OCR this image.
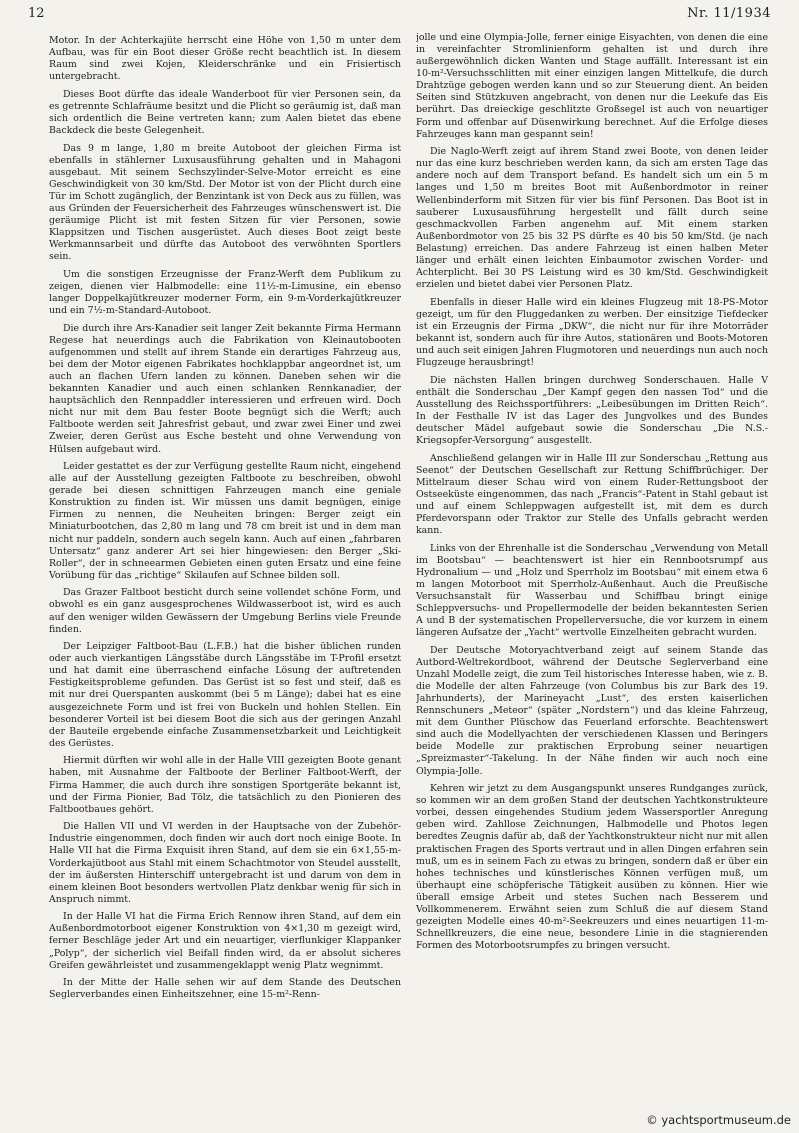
12	Nr. 11/1934

Motor. In der Achterkajüte herrscht eine Höhe von 1,50 m unter dem Aufbau, was für ein Boot dieser Größe recht beachtlich ist. In diesem Raum sind zwei Kojen, Kleiderschränke und ein Frisiertisch untergebracht.

Dieses Boot dürfte das ideale Wanderboot für vier Personen sein, da es getrennte Schlafräume besitzt und die Plicht so geräumig ist, daß man sich ordentlich die Beine vertreten kann; zum Aalen bietet das ebene Backdeck die beste Gelegenheit.

Das 9 m lange, 1,80 m breite Autoboot der gleichen Firma ist ebenfalls in stählerner Luxusausführung gehalten und in Mahagoni ausgebaut. Mit seinem Sechszylinder-Selve-Motor erreicht es eine Geschwindigkeit von 30 km/Std. Der Motor ist von der Plicht durch eine Tür im Schott zugänglich, der Benzintank ist von Deck aus zu füllen, was aus Gründen der Feuersicherheit des Fahrzeuges wünschenswert ist. Die geräumige Plicht ist mit festen Sitzen für vier Personen, sowie Klappsitzen und Tischen ausgerüstet. Auch dieses Boot zeigt beste Werkmannsarbeit und dürfte das Autoboot des verwöhnten Sportlers sein.

Um die sonstigen Erzeugnisse der Franz-Werft dem Publikum zu zeigen, dienen vier Halbmodelle: eine 11½-m-Limusine, ein ebenso langer Doppelkajütkreuzer moderner Form, ein 9-m-Vorderkajütkreuzer und ein 7½-m-Standard-Autoboot.

Die durch ihre Ars-Kanadier seit langer Zeit bekannte Firma Hermann Regese hat neuerdings auch die Fabrikation von Kleinautobooten aufgenommen und stellt auf ihrem Stande ein derartiges Fahrzeug aus, bei dem der Motor eigenen Fabrikates hochklappbar angeordnet ist, um auch an flachen Ufern landen zu können. Daneben sehen wir die bekannten Kanadier und auch einen schlanken Rennkanadier, der hauptsächlich den Rennpaddler interessieren und erfreuen wird. Doch nicht nur mit dem Bau fester Boote begnügt sich die Werft; auch Faltboote werden seit Jahresfrist gebaut, und zwar zwei Einer und zwei Zweier, deren Gerüst aus Esche besteht und ohne Verwendung von Hülsen aufgebaut wird.

Leider gestattet es der zur Verfügung gestellte Raum nicht, eingehend alle auf der Ausstellung gezeigten Faltboote zu beschreiben, obwohl gerade bei diesen schnittigen Fahrzeugen manch eine geniale Konstruktion zu finden ist. Wir müssen uns damit begnügen, einige Firmen zu nennen, die Neuheiten bringen: Berger zeigt ein Miniaturbootchen, das 2,80 m lang und 78 cm breit ist und in dem man nicht nur paddeln, sondern auch segeln kann. Auch auf einen „fahrbaren Untersatz“ ganz anderer Art sei hier hingewiesen: den Berger „Ski-Roller“, der in schneearmen Gebieten einen guten Ersatz und eine feine Vorübung für das „richtige“ Skilaufen auf Schnee bilden soll.

Das Grazer Faltboot besticht durch seine vollendet schöne Form, und obwohl es ein ganz ausgesprochenes Wildwasserboot ist, wird es auch auf den weniger wilden Gewässern der Umgebung Berlins viele Freunde finden.

Der Leipziger Faltboot-Bau (L.F.B.) hat die bisher üblichen runden oder auch vierkantigen Längsstäbe durch Längsstäbe im T-Profil ersetzt und hat damit eine überraschend einfache Lösung der auftretenden Festigkeitsprobleme gefunden. Das Gerüst ist so fest und steif, daß es mit nur drei Querspanten auskommt (bei 5 m Länge); dabei hat es eine ausgezeichnete Form und ist frei von Buckeln und hohlen Stellen. Ein besonderer Vorteil ist bei diesem Boot die sich aus der geringen Anzahl der Bauteile ergebende einfache Zusammensetzbarkeit und Leichtigkeit des Gerüstes.

Hiermit dürften wir wohl alle in der Halle VIII gezeigten Boote genant haben, mit Ausnahme der Faltboote der Berliner Faltboot-Werft, der Firma Hammer, die auch durch ihre sonstigen Sportgeräte bekannt ist, und der Firma Pionier, Bad Tölz, die tatsächlich zu den Pionieren des Faltbootbaues gehört.

Die Hallen VII und VI werden in der Hauptsache von der Zubehör-Industrie eingenommen, doch finden wir auch dort noch einige Boote. In Halle VII hat die Firma Exquisit ihren Stand, auf dem sie ein 6×1,55-m-Vorderkajütboot aus Stahl mit einem Schachtmotor von Steudel ausstellt, der im äußersten Hinterschiff untergebracht ist und darum von dem in einem kleinen Boot besonders wertvollen Platz denkbar wenig für sich in Anspruch nimmt.

In der Halle VI hat die Firma Erich Rennow ihren Stand, auf dem ein Außenbordmotorboot eigener Konstruktion von 4×1,30 m gezeigt wird, ferner Beschläge jeder Art und ein neuartiger, vierflunkiger Klappanker „Polyp“, der sicherlich viel Beifall finden wird, da er absolut sicheres Greifen gewährleistet und zusammengeklappt wenig Platz wegnimmt.

In der Mitte der Halle sehen wir auf dem Stande des Deutschen Seglerverbandes einen Einheitszehner, eine 15-m²-Renn-

jolle und eine Olympia-Jolle, ferner einige Eisyachten, von denen die eine in vereinfachter Stromlinienform gehalten ist und durch ihre außergewöhnlich dicken Wanten und Stage auffällt. Interessant ist ein 10-m²-Versuchsschlitten mit einer einzigen langen Mittelkufe, die durch Drahtzüge gebogen werden kann und so zur Steuerung dient. An beiden Seiten sind Stützkuven angebracht, von denen nur die Leekufe das Eis berührt. Das dreieckige geschlitzte Großsegel ist auch von neuartiger Form und offenbar auf Düsenwirkung berechnet. Auf die Erfolge dieses Fahrzeuges kann man gespannt sein!

Die Naglo-Werft zeigt auf ihrem Stand zwei Boote, von denen leider nur das eine kurz beschrieben werden kann, da sich am ersten Tage das andere noch auf dem Transport befand. Es handelt sich um ein 5 m langes und 1,50 m breites Boot mit Außenbordmotor in reiner Wellenbinderform mit Sitzen für vier bis fünf Personen. Das Boot ist in sauberer Luxusausführung hergestellt und fällt durch seine geschmackvollen Farben angenehm auf. Mit einem starken Außenbordmotor von 25 bis 32 PS dürfte es 40 bis 50 km/Std. (je nach Belastung) erreichen. Das andere Fahrzeug ist einen halben Meter länger und erhält einen leichten Einbaumotor zwischen Vorder- und Achterplicht. Bei 30 PS Leistung wird es 30 km/Std. Geschwindigkeit erzielen und bietet dabei vier Personen Platz.

Ebenfalls in dieser Halle wird ein kleines Flugzeug mit 18-PS-Motor gezeigt, um für den Fluggedanken zu werben. Der einsitzige Tiefdecker ist ein Erzeugnis der Firma „DKW“, die nicht nur für ihre Motorräder bekannt ist, sondern auch für ihre Autos, stationären und Boots-Motoren und auch seit einigen Jahren Flugmotoren und neuerdings nun auch noch Flugzeuge herausbringt!

Die nächsten Hallen bringen durchweg Sonderschauen. Halle V enthält die Sonderschau „Der Kampf gegen den nassen Tod“ und die Ausstellung des Reichssportführers: „Leibesübungen im Dritten Reich“. In der Festhalle IV ist das Lager des Jungvolkes und des Bundes deutscher Mädel aufgebaut sowie die Sonderschau „Die N.S.-Kriegsopfer-Versorgung“ ausgestellt.

Anschließend gelangen wir in Halle III zur Sonderschau „Rettung aus Seenot“ der Deutschen Gesellschaft zur Rettung Schiffbrüchiger. Der Mittelraum dieser Schau wird von einem Ruder-Rettungsboot der Ostseeküste eingenommen, das nach „Francis“-Patent in Stahl gebaut ist und auf einem Schleppwagen aufgestellt ist, mit dem es durch Pferdevorspann oder Traktor zur Stelle des Unfalls gebracht werden kann.

Links von der Ehrenhalle ist die Sonderschau „Verwendung von Metall im Bootsbau“ — beachtenswert ist hier ein Rennbootsrumpf aus Hydronalium — und „Holz und Sperrholz im Bootsbau“ mit einem etwa 6 m langen Motorboot mit Sperrholz-Außenhaut. Auch die Preußische Versuchsanstalt für Wasserbau und Schiffbau bringt einige Schleppversuchs- und Propellermodelle der beiden bekanntesten Serien A und B der systematischen Propellerversuche, die vor kurzem in einem längeren Aufsatze der „Yacht“ wertvolle Einzelheiten gebracht wurden.

Der Deutsche Motoryachtverband zeigt auf seinem Stande das Autbord-Weltrekordboot, während der Deutsche Seglerverband eine Unzahl Modelle zeigt, die zum Teil historisches Interesse haben, wie z. B. die Modelle der alten Fahrzeuge (von Columbus bis zur Bark des 19. Jahrhunderts), der Marineyacht „Lust“, des ersten kaiserlichen Rennschuners „Meteor“ (später „Nordstern“) und das kleine Fahrzeug, mit dem Gunther Plüschow das Feuerland erforschte. Beachtenswert sind auch die Modellyachten der verschiedenen Klassen und Beringers beide Modelle zur praktischen Erprobung seiner neuartigen „Spreizmaster“-Takelung. In der Nähe finden wir auch noch eine Olympia-Jolle.

Kehren wir jetzt zu dem Ausgangspunkt unseres Rundganges zurück, so kommen wir an dem großen Stand der deutschen Yachtkonstrukteure vorbei, dessen eingehendes Studium jedem Wassersportler Anregung geben wird. Zahllose Zeichnungen, Halbmodelle und Photos legen beredtes Zeugnis dafür ab, daß der Yachtkonstrukteur nicht nur mit allen praktischen Fragen des Sports vertraut und in allen Dingen erfahren sein muß, um es in seinem Fach zu etwas zu bringen, sondern daß er über ein hohes technisches und künstlerisches Können verfügen muß, um überhaupt eine schöpferische Tätigkeit ausüben zu können. Hier wie überall emsige Arbeit und stetes Suchen nach Besserem und Vollkommenerem. Erwähnt seien zum Schluß die auf diesem Stand gezeigten Modelle eines 40-m²-Seekreuzers und eines neuartigen 11-m-Schnellkreuzers, die eine neue, besondere Linie in die stagnierenden Formen des Motorbootsrumpfes zu bringen versucht.

© yachtsportmuseum.de
